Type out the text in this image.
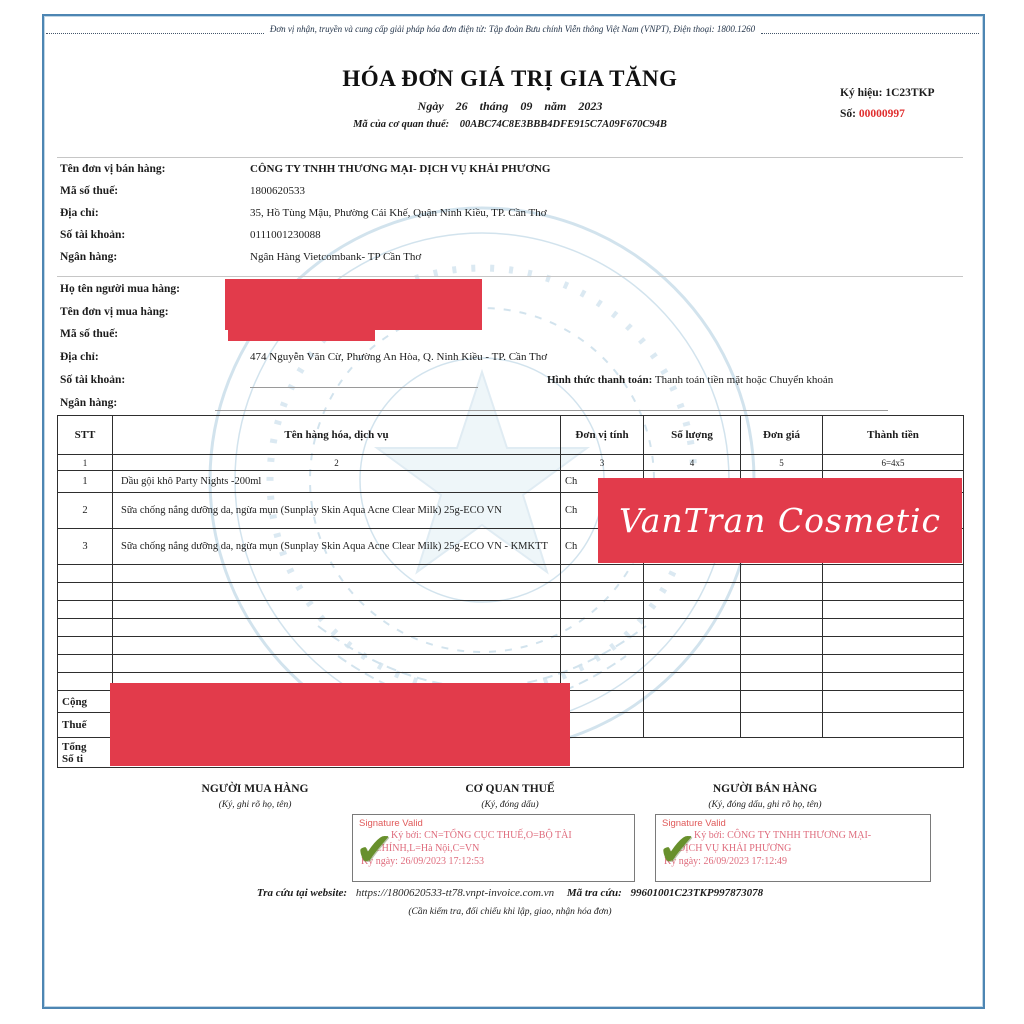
Đơn vị nhận, truyền và cung cấp giải pháp hóa đơn điện tử: Tập đoàn Bưu chính Viễn thông Việt Nam (VNPT), Điện thoại: 1800.1260
HÓA ĐƠN GIÁ TRỊ GIA TĂNG
Ngày 26 tháng 09 năm 2023
Mã của cơ quan thuế: 00ABC74C8E3BBB4DFE915C7A09F670C94B
Ký hiệu: 1C23TKP
Số: 00000997
Tên đơn vị bán hàng:	CÔNG TY TNHH THƯƠNG MẠI- DỊCH VỤ KHẢI PHƯƠNG
Mã số thuế:	1800620533
Địa chỉ:	35, Hồ Tùng Mậu, Phường Cái Khế, Quận Ninh Kiều, TP. Cần Thơ
Số tài khoản:	0111001230088
Ngân hàng:	Ngân Hàng Vietcombank- TP Cần Thơ
Họ tên người mua hàng:
Tên đơn vị mua hàng:
Mã số thuế:
Địa chỉ:	474 Nguyễn Văn Cừ, Phường An Hòa, Q. Ninh Kiều - TP. Cần Thơ
Số tài khoản:	Hình thức thanh toán: Thanh toán tiền mặt hoặc Chuyển khoản
Ngân hàng:
STT	Tên hàng hóa, dịch vụ	Đơn vị tính	Số lượng	Đơn giá	Thành tiền
1	2	3	4	5	6=4x5
1	Dầu gội khô Party Nights -200ml	Ch			
2	Sữa chống nắng dưỡng da, ngừa mụn (Sunplay Skin Aqua Acne Clear Milk) 25g-ECO VN	Ch			
3	Sữa chống nắng dưỡng da, ngừa mụn (Sunplay Skin Aqua Acne Clear Milk) 25g-ECO VN - KMKTT	Ch			

Cộng					
Thuế					

Tổng
Số ti					
VanTran Cosmetic
NGƯỜI MUA HÀNG
(Ký, ghi rõ họ, tên)
CƠ QUAN THUẾ
(Ký, đóng dấu)
NGƯỜI BÁN HÀNG
(Ký, đóng dấu, ghi rõ họ, tên)
✔
Signature Valid
Ký bởi: CN=TỔNG CỤC THUẾ,O=BỘ TÀI
CHÍNH,L=Hà Nội,C=VN
Ký ngày: 26/09/2023 17:12:53	✔
Signature Valid
Ký bởi: CÔNG TY TNHH THƯƠNG MẠI-
DỊCH VỤ KHẢI PHƯƠNG
Ký ngày: 26/09/2023 17:12:49
Tra cứu tại website: https://1800620533-tt78.vnpt-invoice.com.vn Mã tra cứu: 99601001C23TKP997873078
(Cần kiểm tra, đối chiếu khi lập, giao, nhận hóa đơn)
